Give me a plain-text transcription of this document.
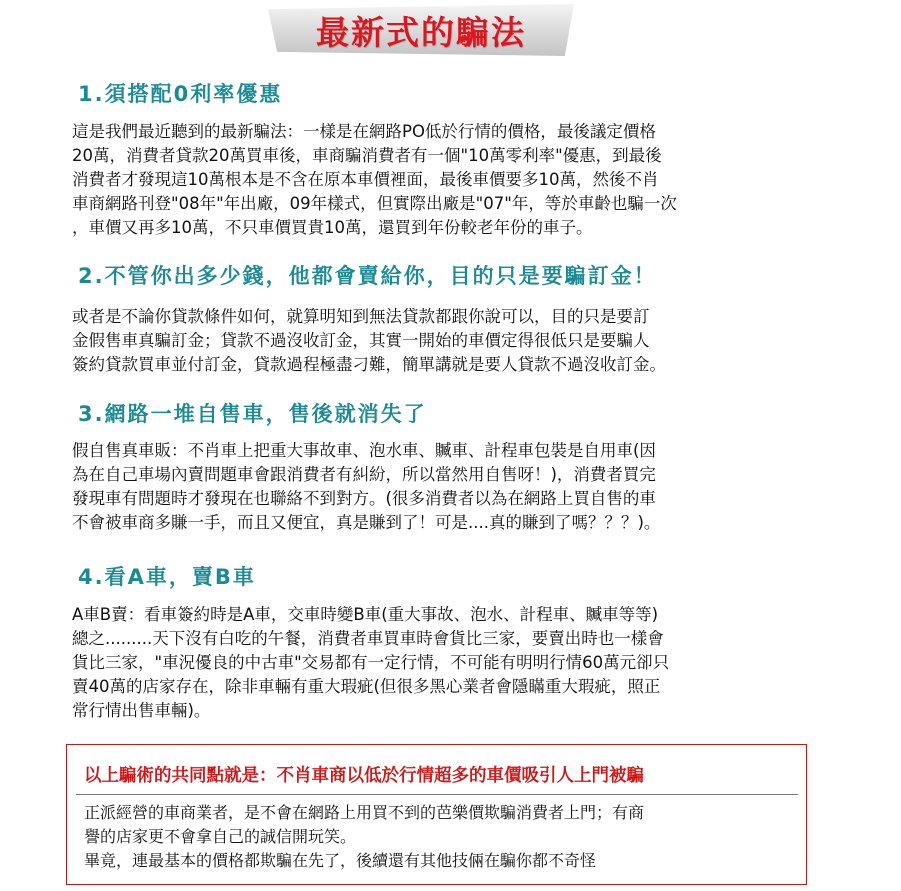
最新式的騙法
1.須搭配0利率優惠
這是我們最近聽到的最新騙法：一樣是在網路PO低於行情的價格，最後議定價格
20萬，消費者貸款20萬買車後，車商騙消費者有一個"10萬零利率"優惠，到最後
消費者才發現這10萬根本是不含在原本車價裡面，最後車價要多10萬，然後不肖
車商網路刊登"08年"年出廠，09年樣式，但實際出廠是"07"年，等於車齡也騙一次
，車價又再多10萬，不只車價買貴10萬，還買到年份較老年份的車子。
2.不管你出多少錢，他都會賣給你，目的只是要騙訂金！
或者是不論你貸款條件如何，就算明知到無法貸款都跟你說可以，目的只是要訂
金假售車真騙訂金；貸款不過沒收訂金，其實一開始的車價定得很低只是要騙人
簽約貸款買車並付訂金，貸款過程極盡刁難，簡單講就是要人貸款不過沒收訂金。
3.網路一堆自售車，售後就消失了
假自售真車販：不肖車上把重大事故車、泡水車、贓車、計程車包裝是自用車(因
為在自己車場內賣問題車會跟消費者有糾紛，所以當然用自售呀！)，消費者買完
發現車有問題時才發現在也聯絡不到對方。(很多消費者以為在網路上買自售的車
不會被車商多賺一手，而且又便宜，真是賺到了！可是....真的賺到了嗎？？？)。
4.看A車，賣B車
A車B賣：看車簽約時是A車，交車時變B車(重大事故、泡水、計程車、贓車等等)
總之.........天下沒有白吃的午餐，消費者車買車時會貨比三家，要賣出時也一樣會
貨比三家，"車況優良的中古車"交易都有一定行情，不可能有明明行情60萬元卻只
賣40萬的店家存在，除非車輛有重大瑕疵(但很多黑心業者會隱瞞重大瑕疵，照正
常行情出售車輛)。
以上騙術的共同點就是：不肖車商以低於行情超多的車價吸引人上門被騙
正派經營的車商業者，是不會在網路上用買不到的芭樂價欺騙消費者上門；有商
譽的店家更不會拿自己的誠信開玩笑。
畢竟，連最基本的價格都欺騙在先了，後續還有其他技倆在騙你都不奇怪
